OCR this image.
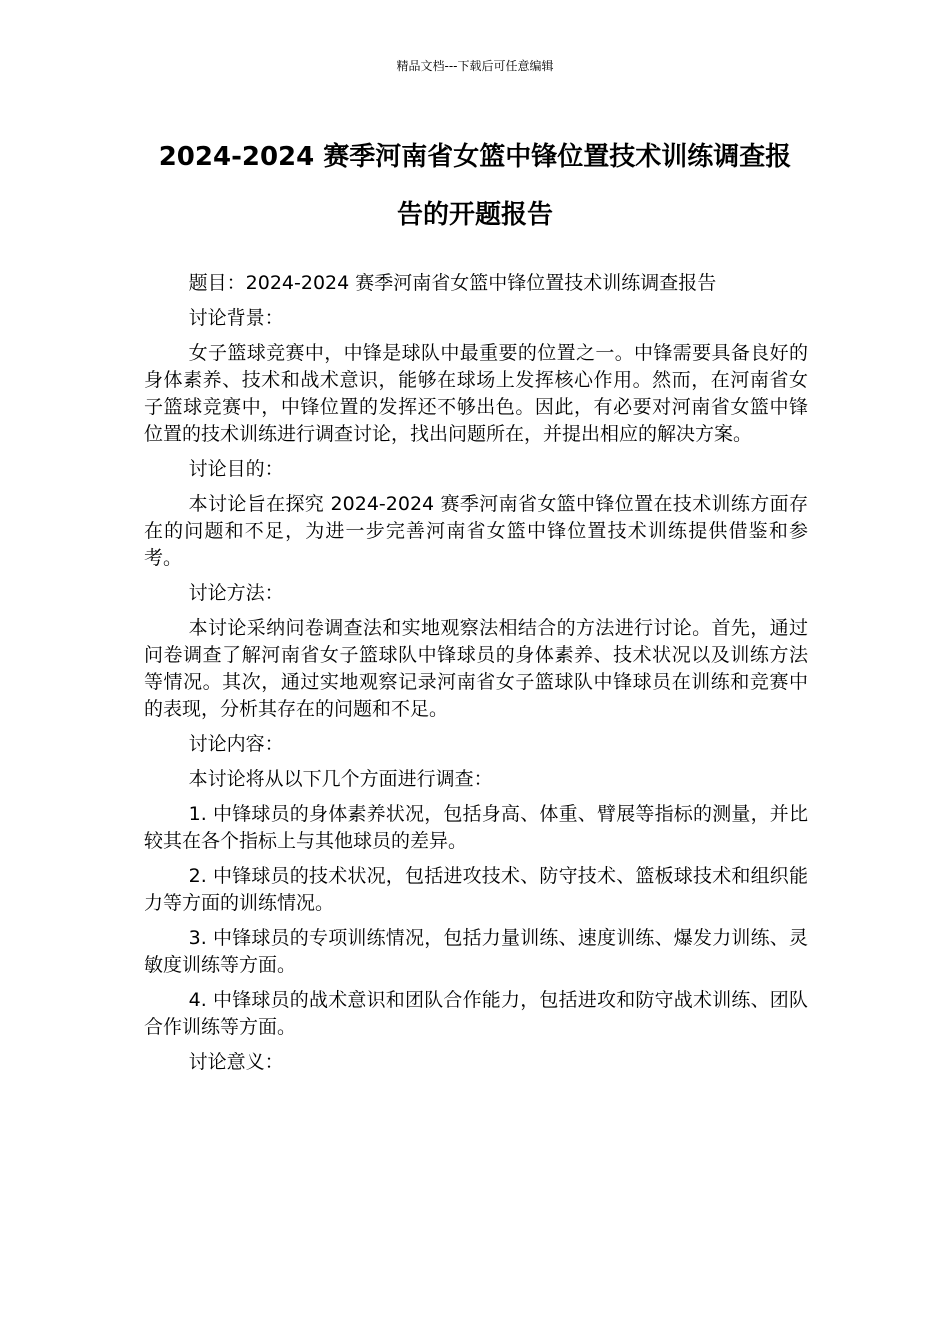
精品文档---下载后可任意编辑
2024-2024 赛季河南省女篮中锋位置技术训练调查报
告的开题报告

题目：2024-2024 赛季河南省女篮中锋位置技术训练调查报告

讨论背景：

女子篮球竞赛中，中锋是球队中最重要的位置之一。中锋需要具备良好的身体素养、技术和战术意识，能够在球场上发挥核心作用。然而，在河南省女子篮球竞赛中，中锋位置的发挥还不够出色。因此，有必要对河南省女篮中锋位置的技术训练进行调查讨论，找出问题所在，并提出相应的解决方案。

讨论目的：

本讨论旨在探究 2024-2024 赛季河南省女篮中锋位置在技术训练方面存在的问题和不足，为进一步完善河南省女篮中锋位置技术训练提供借鉴和参考。

讨论方法：

本讨论采纳问卷调查法和实地观察法相结合的方法进行讨论。首先，通过问卷调查了解河南省女子篮球队中锋球员的身体素养、技术状况以及训练方法等情况。其次，通过实地观察记录河南省女子篮球队中锋球员在训练和竞赛中的表现，分析其存在的问题和不足。

讨论内容：

本讨论将从以下几个方面进行调查：

1. 中锋球员的身体素养状况，包括身高、体重、臂展等指标的测量，并比较其在各个指标上与其他球员的差异。

2. 中锋球员的技术状况，包括进攻技术、防守技术、篮板球技术和组织能力等方面的训练情况。

3. 中锋球员的专项训练情况，包括力量训练、速度训练、爆发力训练、灵敏度训练等方面。

4. 中锋球员的战术意识和团队合作能力，包括进攻和防守战术训练、团队合作训练等方面。

讨论意义：
